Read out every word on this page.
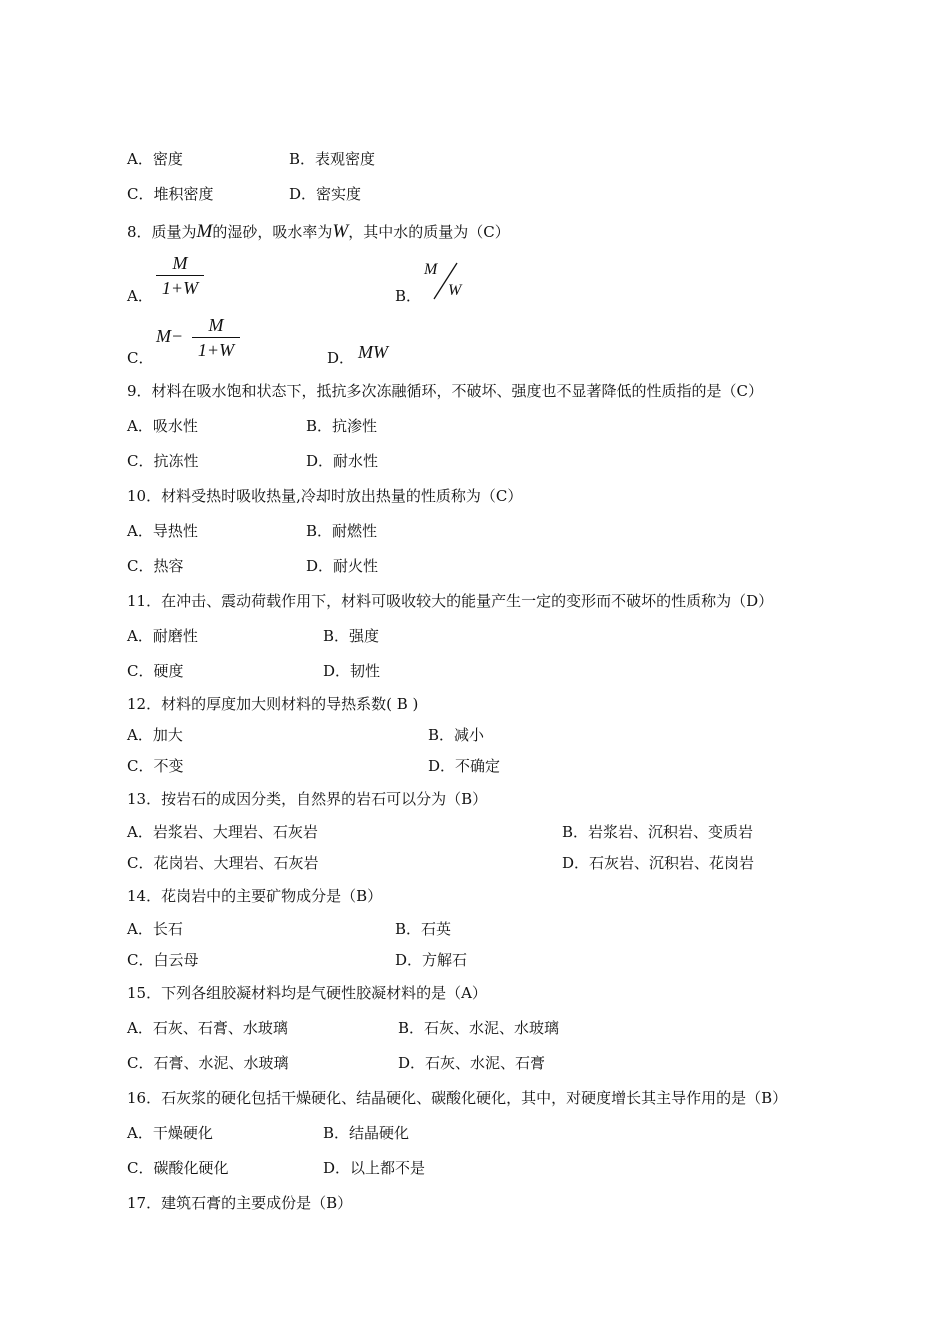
A．密度	B．表观密度
C．堆积密度	D．密实度
8．质量为M的湿砂，吸水率为W，其中水的质量为（C）
A．
M
1+W	B．
M
W
C．
M−
M
1+W	D． MW
9．材料在吸水饱和状态下，抵抗多次冻融循环，不破坏、强度也不显著降低的性质指的是（C）
A．吸水性	B．抗渗性
C．抗冻性	D．耐水性
10．材料受热时吸收热量,冷却时放出热量的性质称为（C）
A．导热性	B．耐燃性
C．热容	D．耐火性
11．在冲击、震动荷载作用下，材料可吸收较大的能量产生一定的变形而不破坏的性质称为（D）
A．耐磨性	B．强度
C．硬度	D．韧性
12．材料的厚度加大则材料的导热系数( B )
A．加大	B．减小
C．不变	D．不确定
13．按岩石的成因分类，自然界的岩石可以分为（B）
A．岩浆岩、大理岩、石灰岩	B．岩浆岩、沉积岩、变质岩
C．花岗岩、大理岩、石灰岩	D．石灰岩、沉积岩、花岗岩
14．花岗岩中的主要矿物成分是（B）
A．长石	B．石英
C．白云母	D．方解石
15．下列各组胶凝材料均是气硬性胶凝材料的是（A）
A．石灰、石膏、水玻璃	B．石灰、水泥、水玻璃
C．石膏、水泥、水玻璃	D．石灰、水泥、石膏
16．石灰浆的硬化包括干燥硬化、结晶硬化、碳酸化硬化，其中，对硬度增长其主导作用的是（B）
A．干燥硬化	B．结晶硬化
C．碳酸化硬化	D．以上都不是
17．建筑石膏的主要成份是（B）
